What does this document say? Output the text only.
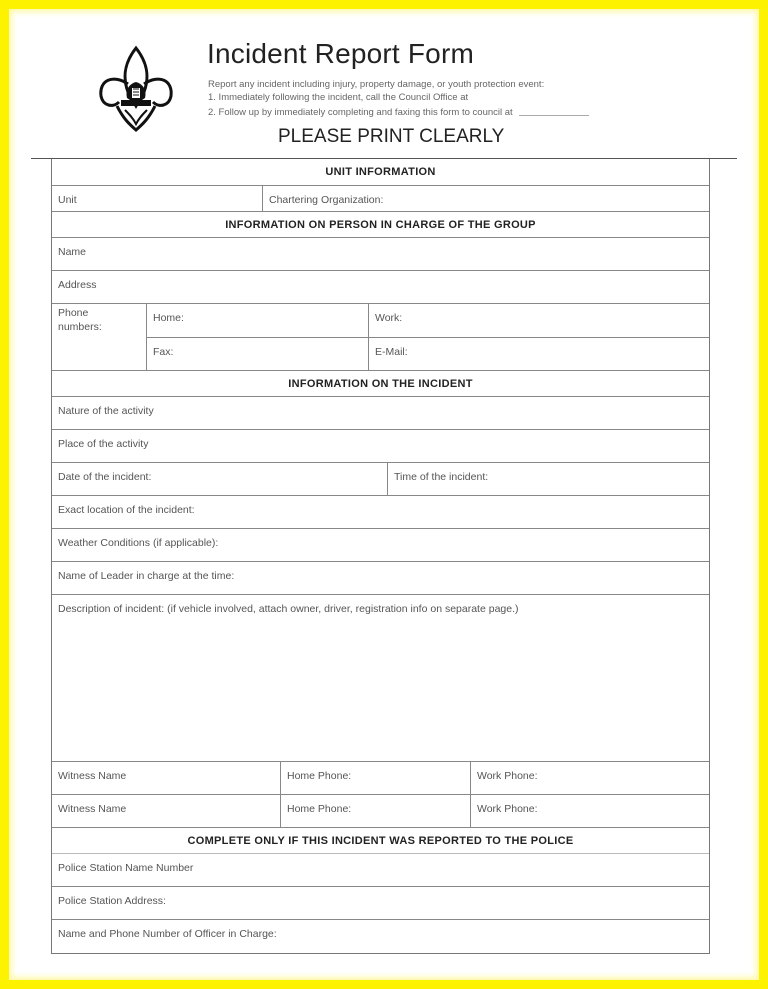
Incident Report Form
Report any incident including injury, property damage, or youth protection event:
1. Immediately following the incident, call the Council Office at
2. Follow up by immediately completing and faxing this form to council at
PLEASE PRINT CLEARLY
UNIT INFORMATION
Unit	Chartering Organization:
INFORMATION ON PERSON IN CHARGE OF THE GROUP
Name
Address
Phone numbers:
Home:	Work:
Fax:	E-Mail:
INFORMATION ON THE INCIDENT
Nature of the activity
Place of the activity
Date of the incident:	Time of the incident:
Exact location of the incident:
Weather Conditions (if applicable):
Name of Leader in charge at the time:
Description of incident: (if vehicle involved, attach owner, driver, registration info on separate page.)
Witness Name	Home Phone:	Work Phone:
Witness Name	Home Phone:	Work Phone:
COMPLETE ONLY IF THIS INCIDENT WAS REPORTED TO THE POLICE
Police Station Name Number
Police Station Address:
Name and Phone Number of Officer in Charge:
